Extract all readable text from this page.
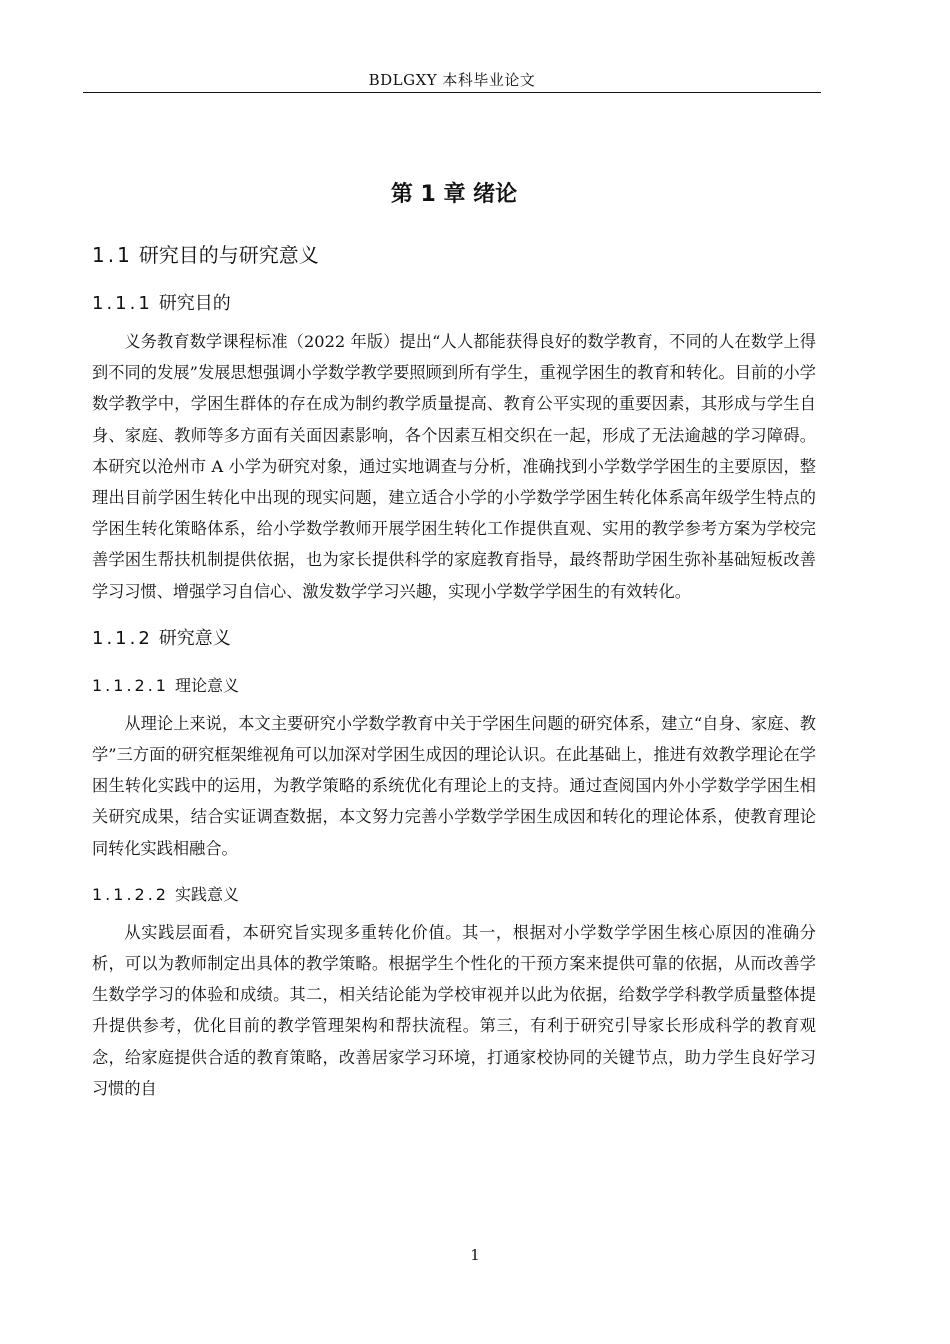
BDLGXY 本科毕业论文
第 1 章 绪论
1.1 研究目的与研究意义
1.1.1 研究目的

义务教育数学课程标准（2022 年版）提出“人人都能获得良好的数学教育，不同的人在数学上得到不同的发展”发展思想强调小学数学教学要照顾到所有学生，重视学困生的教育和转化。目前的小学数学教学中，学困生群体的存在成为制约教学质量提高、教育公平实现的重要因素，其形成与学生自身、家庭、教师等多方面有关面因素影响，各个因素互相交织在一起，形成了无法逾越的学习障碍。本研究以沧州市 A 小学为研究对象，通过实地调查与分析，准确找到小学数学学困生的主要原因，整理出目前学困生转化中出现的现实问题，建立适合小学的小学数学学困生转化体系高年级学生特点的学困生转化策略体系，给小学数学教师开展学困生转化工作提供直观、实用的教学参考方案为学校完善学困生帮扶机制提供依据，也为家长提供科学的家庭教育指导，最终帮助学困生弥补基础短板改善学习习惯、增强学习自信心、激发数学学习兴趣，实现小学数学学困生的有效转化。

1.1.2 研究意义
1.1.2.1 理论意义

从理论上来说，本文主要研究小学数学教育中关于学困生问题的研究体系，建立“自身、家庭、教学”三方面的研究框架维视角可以加深对学困生成因的理论认识。在此基础上，推进有效教学理论在学困生转化实践中的运用，为教学策略的系统优化有理论上的支持。通过查阅国内外小学数学学困生相关研究成果，结合实证调查数据，本文努力完善小学数学学困生成因和转化的理论体系，使教育理论同转化实践相融合。

1.1.2.2 实践意义

从实践层面看，本研究旨实现多重转化价值。其一，根据对小学数学学困生核心原因的准确分析，可以为教师制定出具体的教学策略。根据学生个性化的干预方案来提供可靠的依据，从而改善学生数学学习的体验和成绩。其二，相关结论能为学校审视并以此为依据，给数学学科教学质量整体提升提供参考，优化目前的教学管理架构和帮扶流程。第三，有利于研究引导家长形成科学的教育观念，给家庭提供合适的教育策略，改善居家学习环境，打通家校协同的关键节点，助力学生良好学习习惯的自

1
